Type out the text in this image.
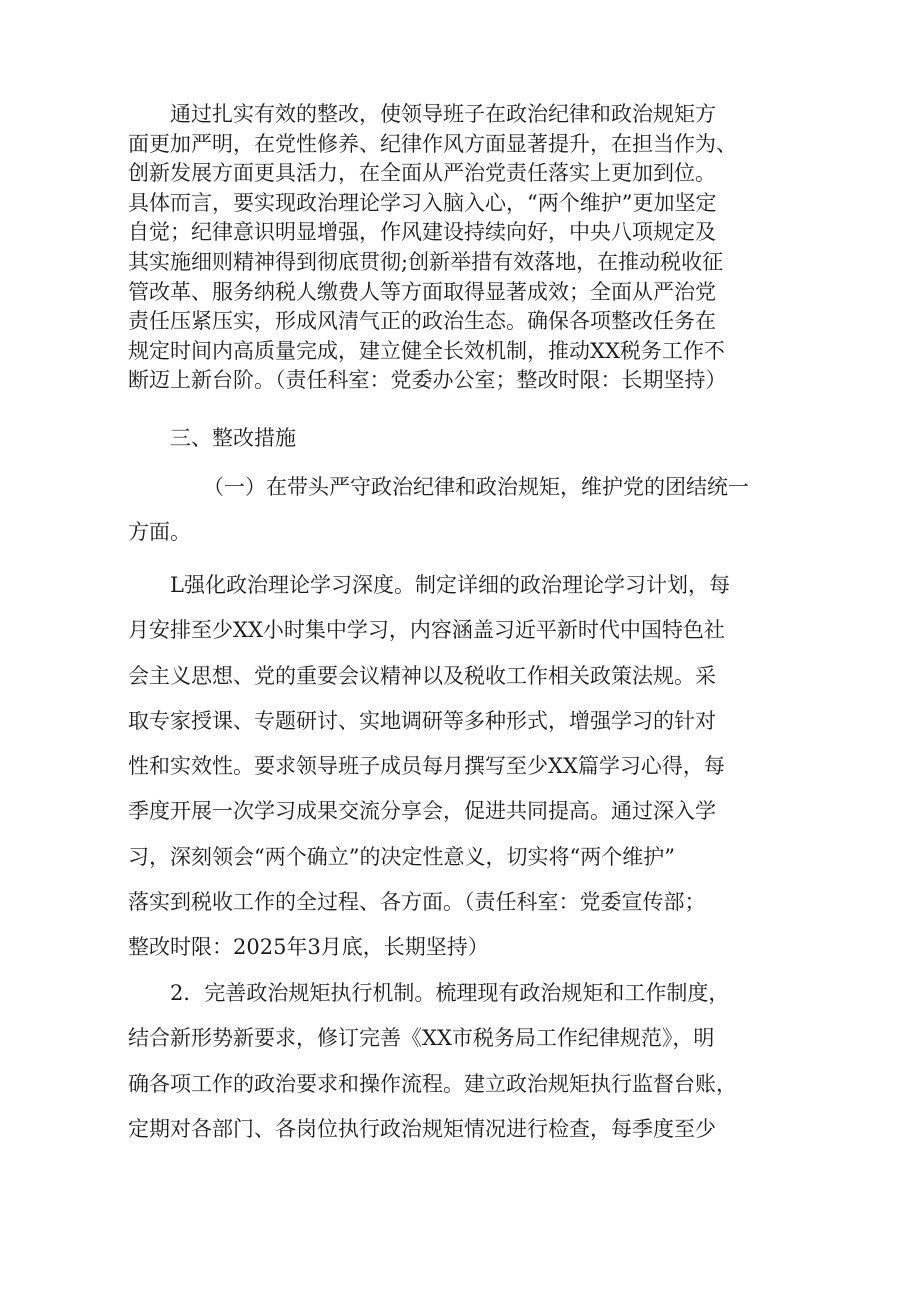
通过扎实有效的整改，使领导班子在政治纪律和政治规矩方
面更加严明，在党性修养、纪律作风方面显著提升，在担当作为、
创新发展方面更具活力，在全面从严治党责任落实上更加到位。
具体而言，要实现政治理论学习入脑入心，“两个维护”更加坚定
自觉；纪律意识明显增强，作风建设持续向好，中央八项规定及
其实施细则精神得到彻底贯彻;创新举措有效落地，在推动税收征
管改革、服务纳税人缴费人等方面取得显著成效；全面从严治党
责任压紧压实，形成风清气正的政治生态。确保各项整改任务在
规定时间内高质量完成，建立健全长效机制，推动XX税务工作不
断迈上新台阶。（责任科室：党委办公室；整改时限：长期坚持）
三、整改措施
（一）在带头严守政治纪律和政治规矩，维护党的团结统一
方面。
L强化政治理论学习深度。制定详细的政治理论学习计划，每
月安排至少XX小时集中学习，内容涵盖习近平新时代中国特色社
会主义思想、党的重要会议精神以及税收工作相关政策法规。采
取专家授课、专题研讨、实地调研等多种形式，增强学习的针对
性和实效性。要求领导班子成员每月撰写至少XX篇学习心得，每
季度开展一次学习成果交流分享会，促进共同提高。通过深入学
习，深刻领会“两个确立”的决定性意义，切实将“两个维护”
落实到税收工作的全过程、各方面。（责任科室：党委宣传部；
整改时限：2025年3月底，长期坚持）
2．完善政治规矩执行机制。梳理现有政治规矩和工作制度，
结合新形势新要求，修订完善《XX市税务局工作纪律规范》，明
确各项工作的政治要求和操作流程。建立政治规矩执行监督台账，
定期对各部门、各岗位执行政治规矩情况进行检查，每季度至少
